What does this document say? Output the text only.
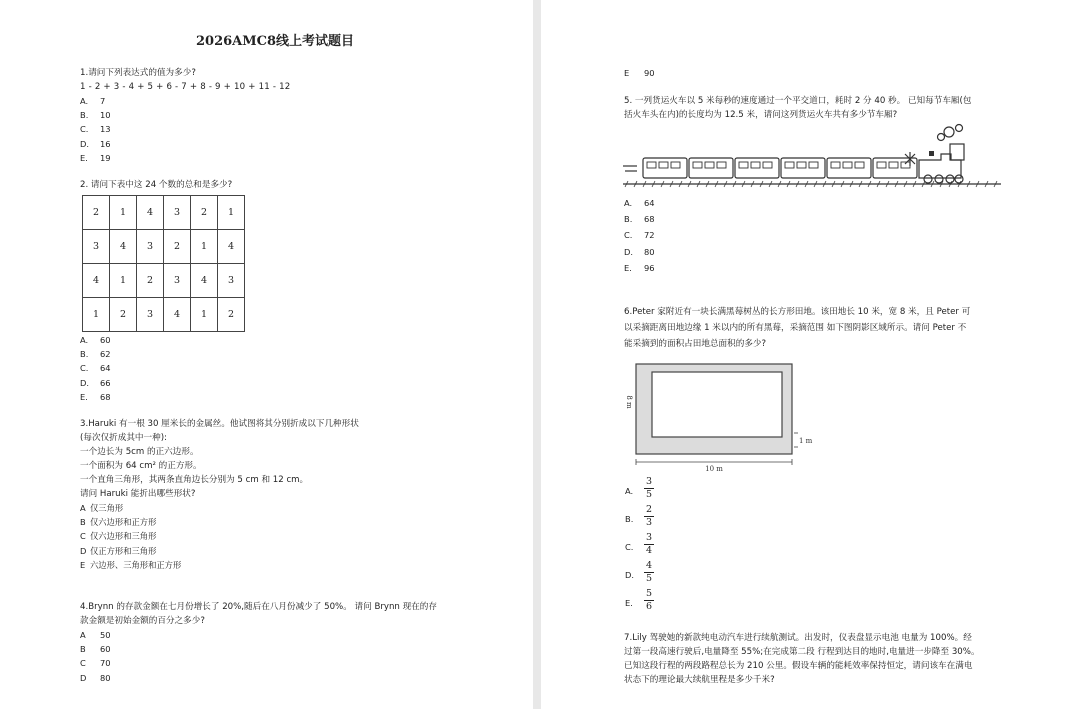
2026AMC8线上考试题目
1.请问下列表达式的值为多少?
1 - 2 + 3 - 4 + 5 + 6 - 7 + 8 - 9 + 10 + 11 - 12
A. 7
B. 10
C. 13
D. 16
E. 19
2. 请问下表中这 24 个数的总和是多少?
2	1	4	3	2	1
3	4	3	2	1	4
4	1	2	3	4	3
1	2	3	4	1	2
A. 60
B. 62
C. 64
D. 66
E. 68
3.Haruki 有一根 30 厘米长的金属丝。他试图将其分别折成以下几种形状
(每次仅折成其中一种):
一个边长为 5cm 的正六边形。
一个面积为 64 cm² 的正方形。
一个直角三角形，其两条直角边长分别为 5 cm 和 12 cm。
请问 Haruki 能折出哪些形状?
A 仅三角形
B 仅六边形和正方形
C 仅六边形和三角形
D 仅正方形和三角形
E 六边形、三角形和正方形
4.Brynn 的存款金额在七月份增长了 20%,随后在八月份减少了 50%。 请问 Brynn 现在的存
款金额是初始金额的百分之多少?
A 50
B 60
C 70
D 80
E 90
5. 一列货运火车以 5 米每秒的速度通过一个平交道口，耗时 2 分 40 秒。 已知每节车厢(包
括火车头在内)的长度均为 12.5 米，请问这列货运火车共有多少节车厢?
A. 64
B. 68
C. 72
D. 80
E. 96
6.Peter 家附近有一块长满黑莓树丛的长方形田地。该田地长 10 米，宽 8 米，且 Peter 可
以采摘距离田地边缘 1 米以内的所有黑莓，采摘范围 如下图阴影区域所示。请问 Peter 不
能采摘到的面积占田地总面积的多少?
10 m
1 m
8 m
A.
3
5
B.
2
3
C.
3
4
D.
4
5
E.
5
6
7.Lily 驾驶她的新款纯电动汽车进行续航测试。出发时，仪表盘显示电池 电量为 100%。经
过第一段高速行驶后,电量降至 55%;在完成第二段 行程到达目的地时,电量进一步降至 30%。
已知这段行程的两段路程总长为 210 公里。假设车辆的能耗效率保持恒定，请问该车在满电
状态下的理论最大续航里程是多少千米?
